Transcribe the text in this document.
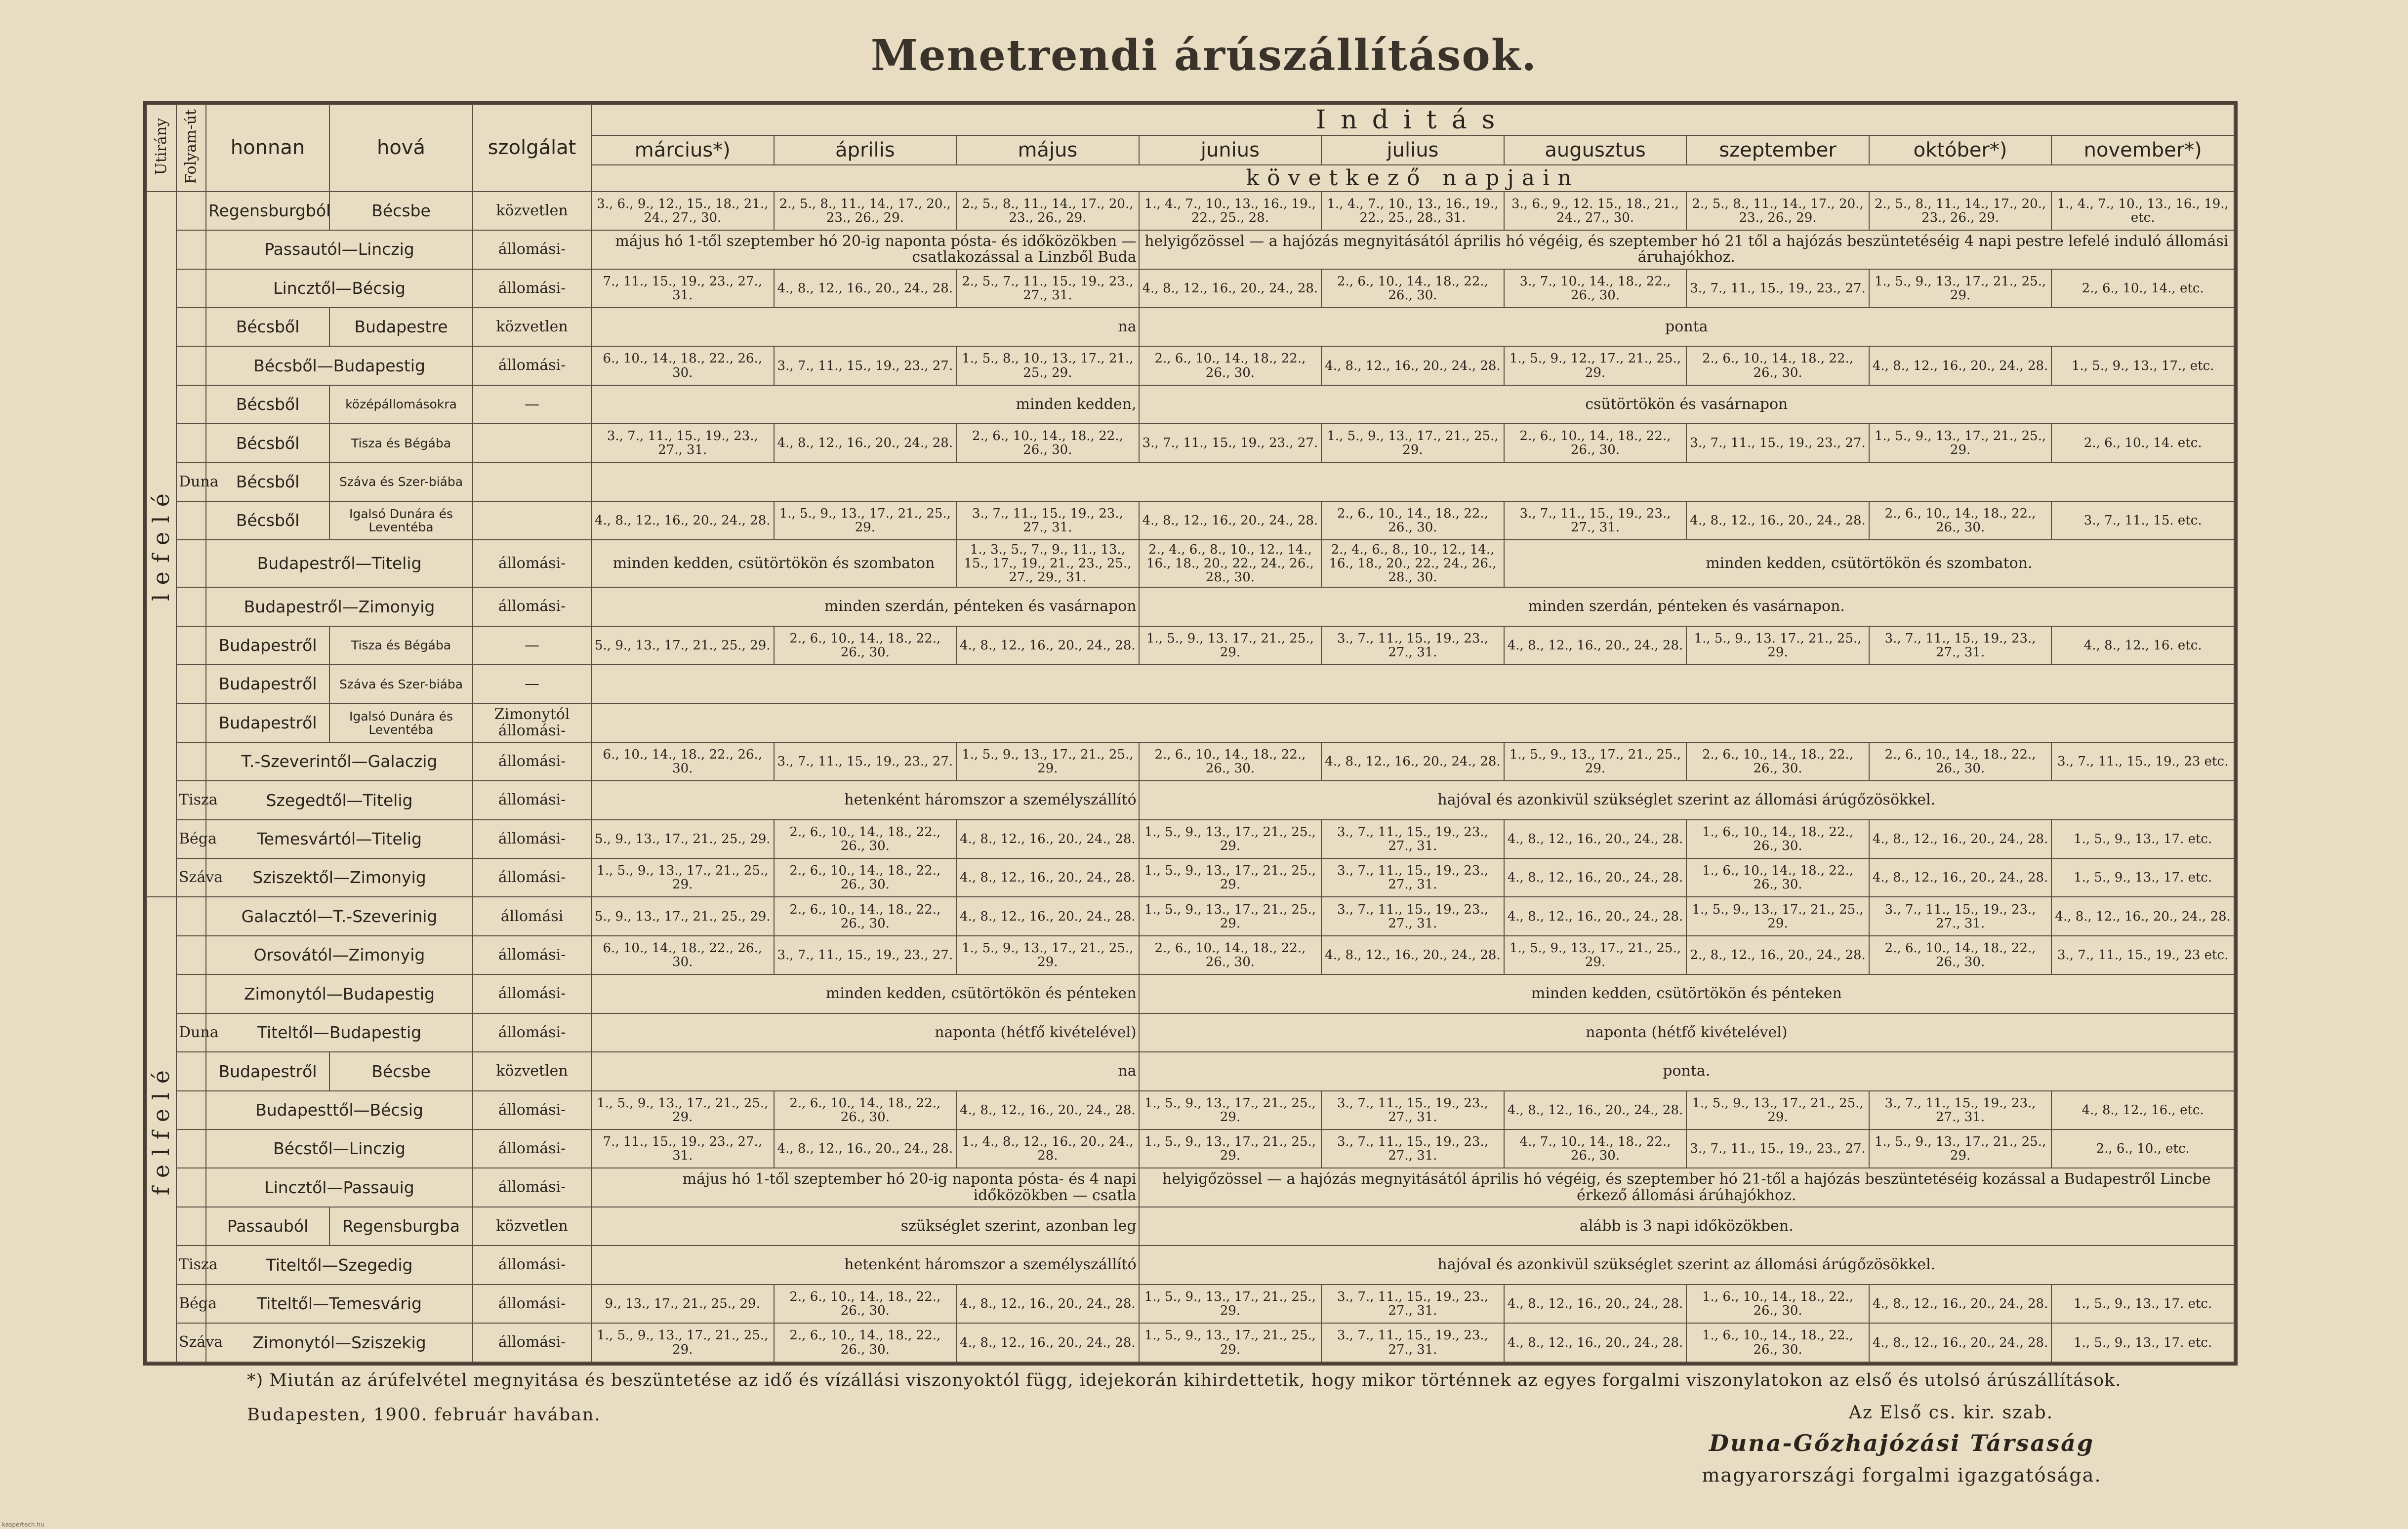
Menetrendi árúszállítások.
Utirány	Folyam-út	honnan	hová	szolgálat	Inditás								
					március*)	április	május	junius	julius	augusztus	szeptember	október*)	november*)
					következő napjain								
lefelé		Regensburgból	Bécsbe	közvetlen	3., 6., 9., 12., 15., 18., 21., 24., 27., 30.	2., 5., 8., 11., 14., 17., 20., 23., 26., 29.	2., 5., 8., 11., 14., 17., 20., 23., 26., 29.	1., 4., 7., 10., 13., 16., 19., 22., 25., 28.	1., 4., 7., 10., 13., 16., 19., 22., 25., 28., 31.	3., 6., 9., 12. 15., 18., 21., 24., 27., 30.	2., 5., 8., 11., 14., 17., 20., 23., 26., 29.	2., 5., 8., 11., 14., 17., 20., 23., 26., 29.	1., 4., 7., 10., 13., 16., 19., etc.
		Passautól—Linczig		állomási-	május hó 1-től szeptember hó 20-ig naponta pósta- és időközökben — csatlakozással a Linzből Buda			helyigőzössel — a hajózás megnyitásától április hó végéig, és szeptember hó 21 től a hajózás beszüntetéséig 4 napi pestre lefelé induló állomási áruhajókhoz.					
		Lincztől—Bécsig		állomási-	7., 11., 15., 19., 23., 27., 31.	4., 8., 12., 16., 20., 24., 28.	2., 5., 7., 11., 15., 19., 23., 27., 31.	4., 8., 12., 16., 20., 24., 28.	2., 6., 10., 14., 18., 22., 26., 30.	3., 7., 10., 14., 18., 22., 26., 30.	3., 7., 11., 15., 19., 23., 27.	1., 5., 9., 13., 17., 21., 25., 29.	2., 6., 10., 14., etc.
		Bécsből	Budapestre	közvetlen	na			ponta					
		Bécsből—Budapestig		állomási-	6., 10., 14., 18., 22., 26., 30.	3., 7., 11., 15., 19., 23., 27.	1., 5., 8., 10., 13., 17., 21., 25., 29.	2., 6., 10., 14., 18., 22., 26., 30.	4., 8., 12., 16., 20., 24., 28.	1., 5., 9., 12., 17., 21., 25., 29.	2., 6., 10., 14., 18., 22., 26., 30.	4., 8., 12., 16., 20., 24., 28.	1., 5., 9., 13., 17., etc.
		Bécsből	középállomásokra	—	minden kedden,			csütörtökön és vasárnapon					
		Bécsből	Tisza és Bégába		3., 7., 11., 15., 19., 23., 27., 31.	4., 8., 12., 16., 20., 24., 28.	2., 6., 10., 14., 18., 22., 26., 30.	3., 7., 11., 15., 19., 23., 27.	1., 5., 9., 13., 17., 21., 25., 29.	2., 6., 10., 14., 18., 22., 26., 30.	3., 7., 11., 15., 19., 23., 27.	1., 5., 9., 13., 17., 21., 25., 29.	2., 6., 10., 14. etc.
	Duna	Bécsből	Száva és Szer-biába										
		Bécsből	Igalsó Dunára és Leventéba		4., 8., 12., 16., 20., 24., 28.	1., 5., 9., 13., 17., 21., 25., 29.	3., 7., 11., 15., 19., 23., 27., 31.	4., 8., 12., 16., 20., 24., 28.	2., 6., 10., 14., 18., 22., 26., 30.	3., 7., 11., 15., 19., 23., 27., 31.	4., 8., 12., 16., 20., 24., 28.	2., 6., 10., 14., 18., 22., 26., 30.	3., 7., 11., 15. etc.
		Budapestről—Titelig		állomási-	minden kedden, csütörtökön és szombaton		1., 3., 5., 7., 9., 11., 13., 15., 17., 19., 21., 23., 25., 27., 29., 31.	2., 4., 6., 8., 10., 12., 14., 16., 18., 20., 22., 24., 26., 28., 30.	2., 4., 6., 8., 10., 12., 14., 16., 18., 20., 22., 24., 26., 28., 30.	minden kedden, csütörtökön és szombaton.			
		Budapestről—Zimonyig		állomási-	minden szerdán, pénteken és vasárnapon			minden szerdán, pénteken és vasárnapon.					
		Budapestről	Tisza és Bégába	—	5., 9., 13., 17., 21., 25., 29.	2., 6., 10., 14., 18., 22., 26., 30.	4., 8., 12., 16., 20., 24., 28.	1., 5., 9., 13. 17., 21., 25., 29.	3., 7., 11., 15., 19., 23., 27., 31.	4., 8., 12., 16., 20., 24., 28.	1., 5., 9., 13. 17., 21., 25., 29.	3., 7., 11., 15., 19., 23., 27., 31.	4., 8., 12., 16. etc.
		Budapestről	Száva és Szer-biába	—									
		Budapestről	Igalsó Dunára és Leventéba	Zimonytól állomási-									
		T.-Szeverintől—Galaczig		állomási-	6., 10., 14., 18., 22., 26., 30.	3., 7., 11., 15., 19., 23., 27.	1., 5., 9., 13., 17., 21., 25., 29.	2., 6., 10., 14., 18., 22., 26., 30.	4., 8., 12., 16., 20., 24., 28.	1., 5., 9., 13., 17., 21., 25., 29.	2., 6., 10., 14., 18., 22., 26., 30.	2., 6., 10., 14., 18., 22., 26., 30.	3., 7., 11., 15., 19., 23 etc.
	Tisza	Szegedtől—Titelig		állomási-	hetenként háromszor a személyszállító			hajóval és azonkivül szükséglet szerint az állomási árúgőzösökkel.					
	Béga	Temesvártól—Titelig		állomási-	5., 9., 13., 17., 21., 25., 29.	2., 6., 10., 14., 18., 22., 26., 30.	4., 8., 12., 16., 20., 24., 28.	1., 5., 9., 13., 17., 21., 25., 29.	3., 7., 11., 15., 19., 23., 27., 31.	4., 8., 12., 16., 20., 24., 28.	1., 6., 10., 14., 18., 22., 26., 30.	4., 8., 12., 16., 20., 24., 28.	1., 5., 9., 13., 17. etc.
	Száva	Sziszektől—Zimonyig		állomási-	1., 5., 9., 13., 17., 21., 25., 29.	2., 6., 10., 14., 18., 22., 26., 30.	4., 8., 12., 16., 20., 24., 28.	1., 5., 9., 13., 17., 21., 25., 29.	3., 7., 11., 15., 19., 23., 27., 31.	4., 8., 12., 16., 20., 24., 28.	1., 6., 10., 14., 18., 22., 26., 30.	4., 8., 12., 16., 20., 24., 28.	1., 5., 9., 13., 17. etc.
felfelé		Galacztól—T.-Szeverinig		állomási	5., 9., 13., 17., 21., 25., 29.	2., 6., 10., 14., 18., 22., 26., 30.	4., 8., 12., 16., 20., 24., 28.	1., 5., 9., 13., 17., 21., 25., 29.	3., 7., 11., 15., 19., 23., 27., 31.	4., 8., 12., 16., 20., 24., 28.	1., 5., 9., 13., 17., 21., 25., 29.	3., 7., 11., 15., 19., 23., 27., 31.	4., 8., 12., 16., 20., 24., 28.
		Orsovától—Zimonyig		állomási-	6., 10., 14., 18., 22., 26., 30.	3., 7., 11., 15., 19., 23., 27.	1., 5., 9., 13., 17., 21., 25., 29.	2., 6., 10., 14., 18., 22., 26., 30.	4., 8., 12., 16., 20., 24., 28.	1., 5., 9., 13., 17., 21., 25., 29.	2., 8., 12., 16., 20., 24., 28.	2., 6., 10., 14., 18., 22., 26., 30.	3., 7., 11., 15., 19., 23 etc.
		Zimonytól—Budapestig		állomási-	minden kedden, csütörtökön és pénteken			minden kedden, csütörtökön és pénteken					
	Duna	Titeltől—Budapestig		állomási-	naponta (hétfő kivételével)			naponta (hétfő kivételével)					
		Budapestről	Bécsbe	közvetlen	na			ponta.					
		Budapesttől—Bécsig		állomási-	1., 5., 9., 13., 17., 21., 25., 29.	2., 6., 10., 14., 18., 22., 26., 30.	4., 8., 12., 16., 20., 24., 28.	1., 5., 9., 13., 17., 21., 25., 29.	3., 7., 11., 15., 19., 23., 27., 31.	4., 8., 12., 16., 20., 24., 28.	1., 5., 9., 13., 17., 21., 25., 29.	3., 7., 11., 15., 19., 23., 27., 31.	4., 8., 12., 16., etc.
		Bécstől—Linczig		állomási-	7., 11., 15., 19., 23., 27., 31.	4., 8., 12., 16., 20., 24., 28.	1., 4., 8., 12., 16., 20., 24., 28.	1., 5., 9., 13., 17., 21., 25., 29.	3., 7., 11., 15., 19., 23., 27., 31.	4., 7., 10., 14., 18., 22., 26., 30.	3., 7., 11., 15., 19., 23., 27.	1., 5., 9., 13., 17., 21., 25., 29.	2., 6., 10., etc.
		Lincztől—Passauig		állomási-	május hó 1-től szeptember hó 20-ig naponta pósta- és 4 napi időközökben — csatla			helyigőzössel — a hajózás megnyitásától április hó végéig, és szeptember hó 21-től a hajózás beszüntetéséig kozással a Budapestről Lincbe érkező állomási árúhajókhoz.					
		Passauból	Regensburgba	közvetlen	szükséglet szerint, azonban leg			alább is 3 napi időközökben.					
	Tisza	Titeltől—Szegedig		állomási-	hetenként háromszor a személyszállító			hajóval és azonkivül szükséglet szerint az állomási árúgőzösökkel.					
	Béga	Titeltől—Temesvárig		állomási-	9., 13., 17., 21., 25., 29.	2., 6., 10., 14., 18., 22., 26., 30.	4., 8., 12., 16., 20., 24., 28.	1., 5., 9., 13., 17., 21., 25., 29.	3., 7., 11., 15., 19., 23., 27., 31.	4., 8., 12., 16., 20., 24., 28.	1., 6., 10., 14., 18., 22., 26., 30.	4., 8., 12., 16., 20., 24., 28.	1., 5., 9., 13., 17. etc.
	Száva	Zimonytól—Sziszekig		állomási-	1., 5., 9., 13., 17., 21., 25., 29.	2., 6., 10., 14., 18., 22., 26., 30.	4., 8., 12., 16., 20., 24., 28.	1., 5., 9., 13., 17., 21., 25., 29.	3., 7., 11., 15., 19., 23., 27., 31.	4., 8., 12., 16., 20., 24., 28.	1., 6., 10., 14., 18., 22., 26., 30.	4., 8., 12., 16., 20., 24., 28.	1., 5., 9., 13., 17. etc.
*) Miután az árúfelvétel megnyitása és beszüntetése az idő és vízállási viszonyoktól függ, idejekorán kihirdettetik, hogy mikor történnek az egyes forgalmi viszonylatokon az első és utolsó árúszállítások.
Budapesten, 1900. február havában.	Az Első cs. kir. szab.
Duna-Gőzhajózási Társaság
magyarországi forgalmi igazgatósága.
kaspertech.hu
